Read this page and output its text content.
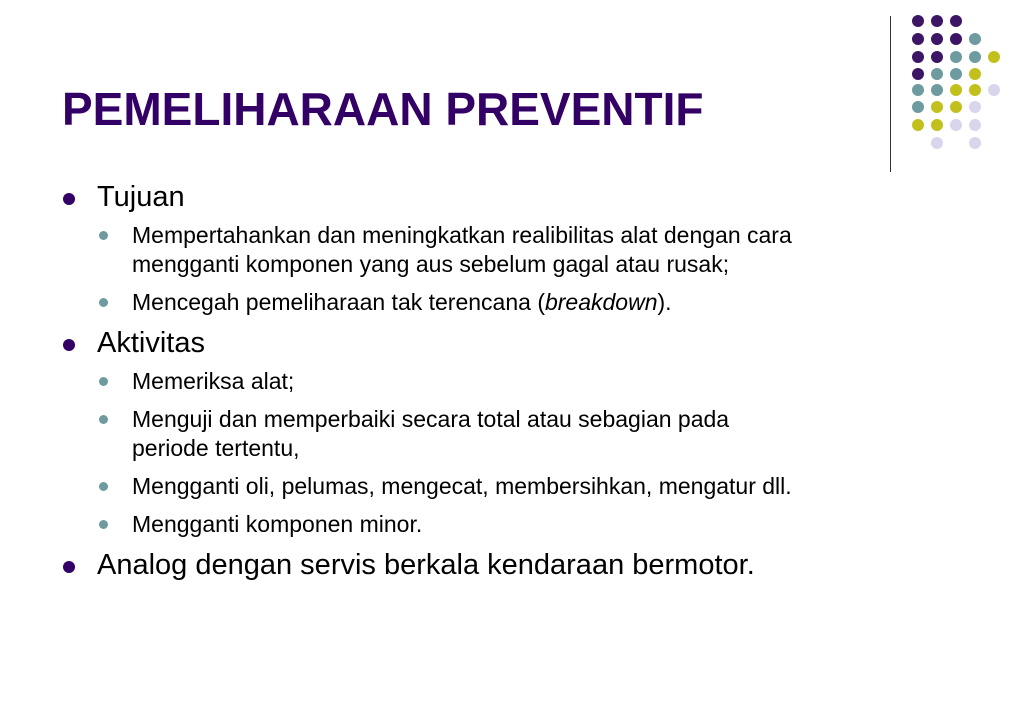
PEMELIHARAAN PREVENTIF
Tujuan
Mempertahankan dan meningkatkan realibilitas alat dengan cara
mengganti komponen yang aus sebelum gagal atau rusak;
Mencegah pemeliharaan tak terencana (breakdown).
Aktivitas
Memeriksa alat;
Menguji dan memperbaiki secara total atau sebagian pada
periode tertentu,
Mengganti oli, pelumas, mengecat, membersihkan, mengatur dll.
Mengganti komponen minor.
Analog dengan servis berkala kendaraan bermotor.
